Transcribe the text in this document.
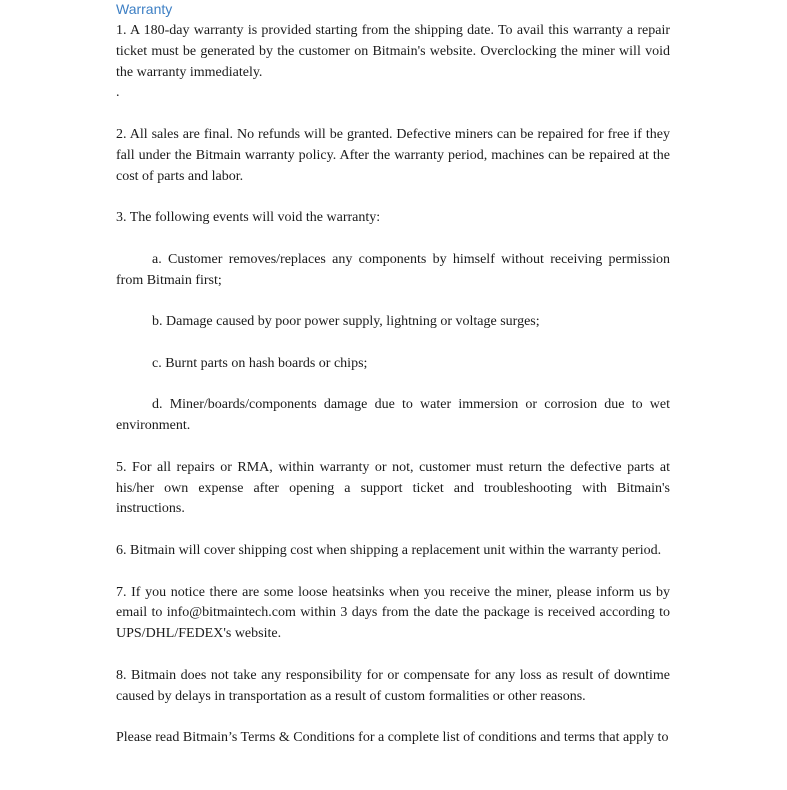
Warranty

1. A 180-day warranty is provided starting from the shipping date. To avail this warranty a repair ticket must be generated by the customer on Bitmain's website. Overclocking the miner will void the warranty immediately.

.

2. All sales are final. No refunds will be granted. Defective miners can be repaired for free if they fall under the Bitmain warranty policy. After the warranty period, machines can be repaired at the cost of parts and labor.

3. The following events will void the warranty:

a. Customer removes/replaces any components by himself without receiving permission from Bitmain first;

b. Damage caused by poor power supply, lightning or voltage surges;

c. Burnt parts on hash boards or chips;

d. Miner/boards/components damage due to water immersion or corrosion due to wet environment.

5. For all repairs or RMA, within warranty or not, customer must return the defective parts at his/her own expense after opening a support ticket and troubleshooting with Bitmain's instructions.

6. Bitmain will cover shipping cost when shipping a replacement unit within the warranty period.

7. If you notice there are some loose heatsinks when you receive the miner, please inform us by email to info@bitmaintech.com within 3 days from the date the package is received according to UPS/DHL/FEDEX's website.

8. Bitmain does not take any responsibility for or compensate for any loss as result of downtime caused by delays in transportation as a result of custom formalities or other reasons.

Please read Bitmain’s Terms & Conditions for a complete list of conditions and terms that apply to
